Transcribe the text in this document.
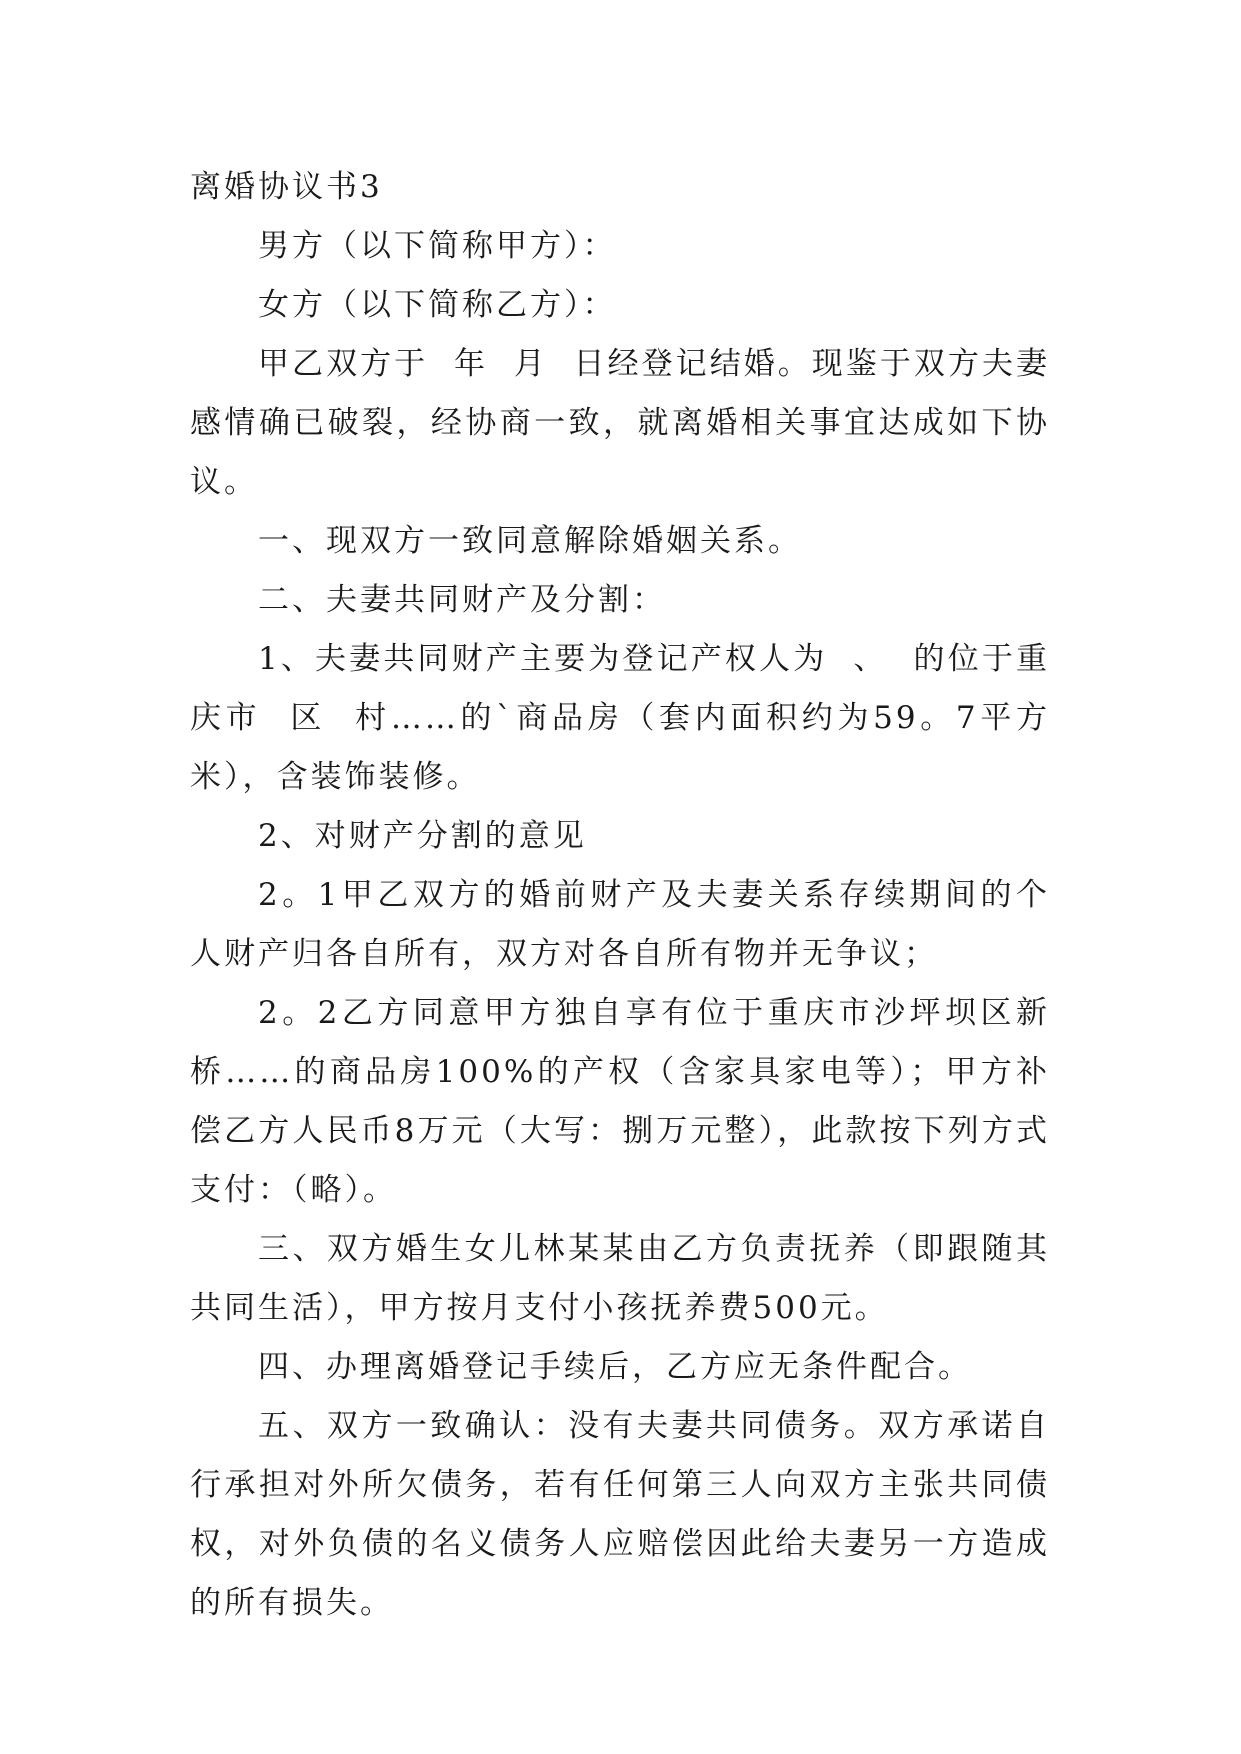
离婚协议书3

男方（以下简称甲方）：

女方（以下简称乙方）：

甲乙双方于  年  月  日经登记结婚。现鉴于双方夫妻感情确已破裂，经协商一致，就离婚相关事宜达成如下协议。

一、现双方一致同意解除婚姻关系。

二、夫妻共同财产及分割：

1、夫妻共同财产主要为登记产权人为  、  的位于重庆市  区  村……的`商品房（套内面积约为59。7平方米），含装饰装修。

2、对财产分割的意见

2。1甲乙双方的婚前财产及夫妻关系存续期间的个人财产归各自所有，双方对各自所有物并无争议；

2。2乙方同意甲方独自享有位于重庆市沙坪坝区新桥……的商品房100%的产权（含家具家电等）；甲方补偿乙方人民币8万元（大写：捌万元整），此款按下列方式支付：（略）。

三、双方婚生女儿林某某由乙方负责抚养（即跟随其共同生活），甲方按月支付小孩抚养费500元。

四、办理离婚登记手续后，乙方应无条件配合。

五、双方一致确认：没有夫妻共同债务。双方承诺自行承担对外所欠债务，若有任何第三人向双方主张共同债权，对外负债的名义债务人应赔偿因此给夫妻另一方造成的所有损失。
